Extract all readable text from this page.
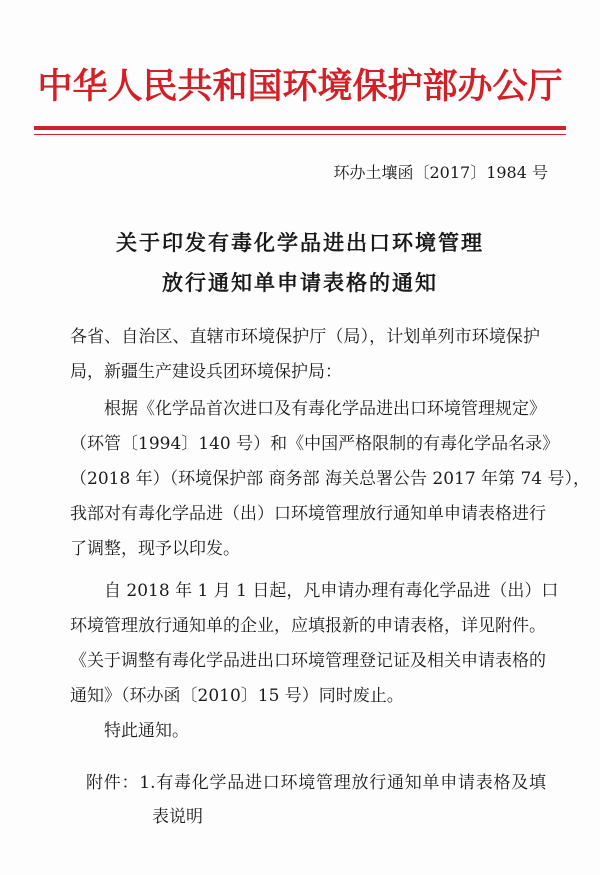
中华人民共和国环境保护部办公厅
环办土壤函〔2017〕1984 号
关于印发有毒化学品进出口环境管理
放行通知单申请表格的通知
各省、自治区、直辖市环境保护厅（局），计划单列市环境保护
局，新疆生产建设兵团环境保护局：
根据《化学品首次进口及有毒化学品进出口环境管理规定》
（环管〔1994〕140 号）和《中国严格限制的有毒化学品名录》
（2018 年）（环境保护部 商务部 海关总署公告 2017 年第 74 号），
我部对有毒化学品进（出）口环境管理放行通知单申请表格进行
了调整，现予以印发。
自 2018 年 1 月 1 日起，凡申请办理有毒化学品进（出）口
环境管理放行通知单的企业，应填报新的申请表格，详见附件。
《关于调整有毒化学品进出口环境管理登记证及相关申请表格的
通知》（环办函〔2010〕15 号）同时废止。
特此通知。
附件：1.有毒化学品进口环境管理放行通知单申请表格及填
表说明
